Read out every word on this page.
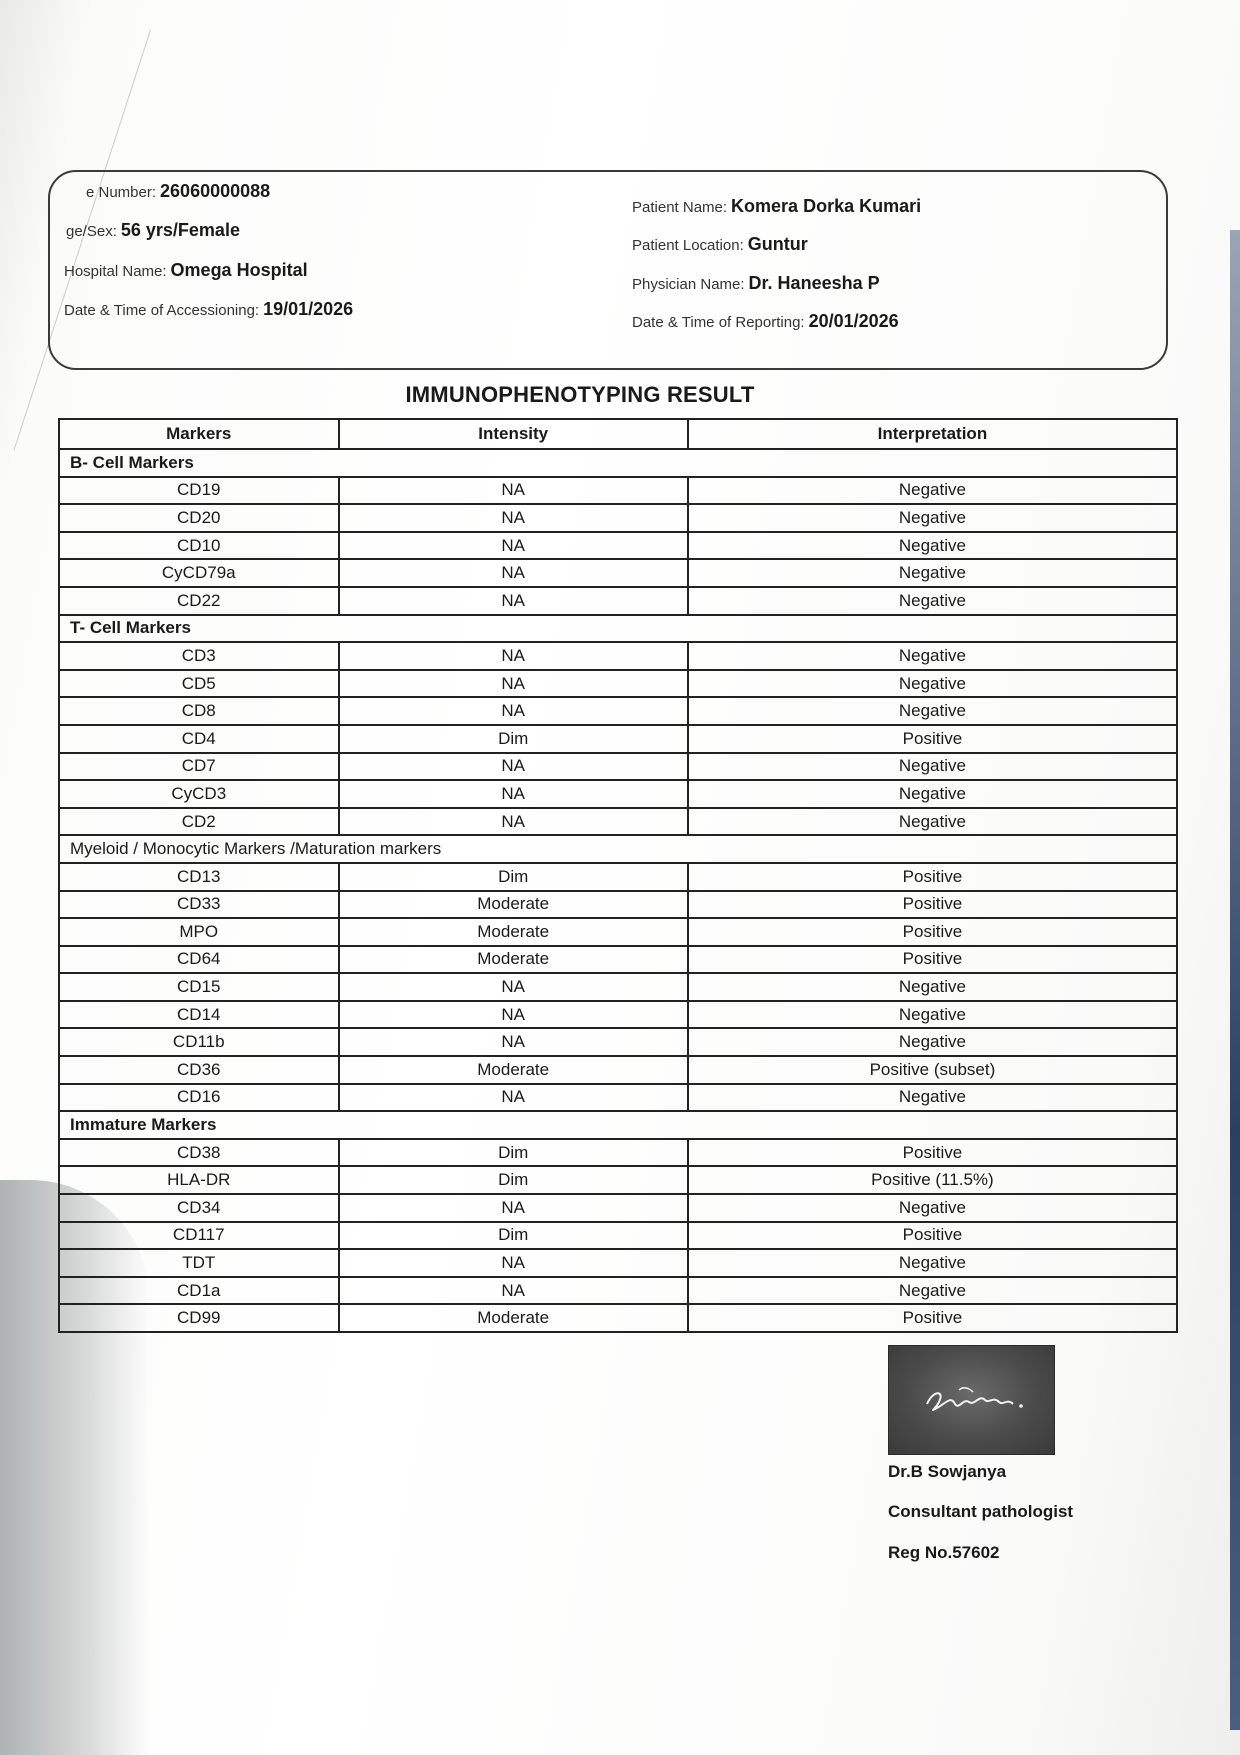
e Number: 26060000088
ge/Sex: 56 yrs/Female
Hospital Name: Omega Hospital
Date & Time of Accessioning: 19/01/2026
Patient Name: Komera Dorka Kumari
Patient Location: Guntur
Physician Name: Dr. Haneesha P
Date & Time of Reporting: 20/01/2026
IMMUNOPHENOTYPING RESULT
Markers	Intensity	Interpretation
B- Cell Markers		
CD19	NA	Negative
CD20	NA	Negative
CD10	NA	Negative
CyCD79a	NA	Negative
CD22	NA	Negative
T- Cell Markers		
CD3	NA	Negative
CD5	NA	Negative
CD8	NA	Negative
CD4	Dim	Positive
CD7	NA	Negative
CyCD3	NA	Negative
CD2	NA	Negative
Myeloid / Monocytic Markers /Maturation markers		
CD13	Dim	Positive
CD33	Moderate	Positive
MPO	Moderate	Positive
CD64	Moderate	Positive
CD15	NA	Negative
CD14	NA	Negative
CD11b	NA	Negative
CD36	Moderate	Positive (subset)
CD16	NA	Negative
Immature Markers		
CD38	Dim	Positive
HLA-DR	Dim	Positive (11.5%)
CD34	NA	Negative
CD117	Dim	Positive
TDT	NA	Negative
CD1a	NA	Negative
CD99	Moderate	Positive
Dr.B Sowjanya
Consultant pathologist
Reg No.57602
